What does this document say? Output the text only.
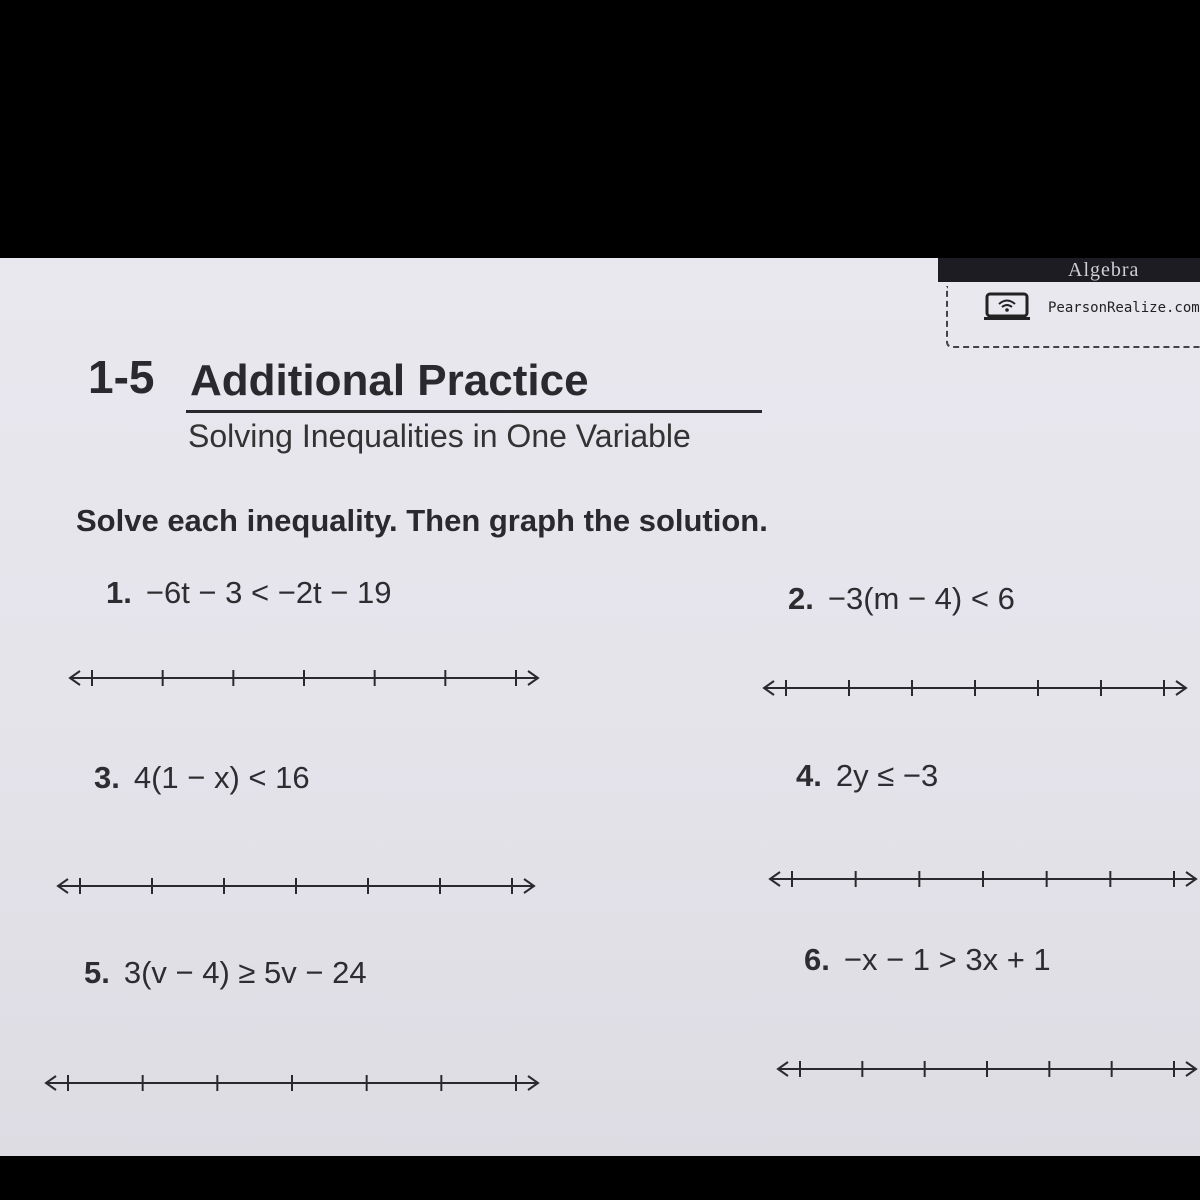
Algebra
PearsonRealize.com
1-5 Additional Practice
Solving Inequalities in One Variable
Solve each inequality. Then graph the solution.
1. −6t − 3 < −2t − 19	2. −3(m − 4) < 6
3. 4(1 − x) < 16	4. 2y ≤ −3
5. 3(v − 4) ≥ 5v − 24	6. −x − 1 > 3x + 1
